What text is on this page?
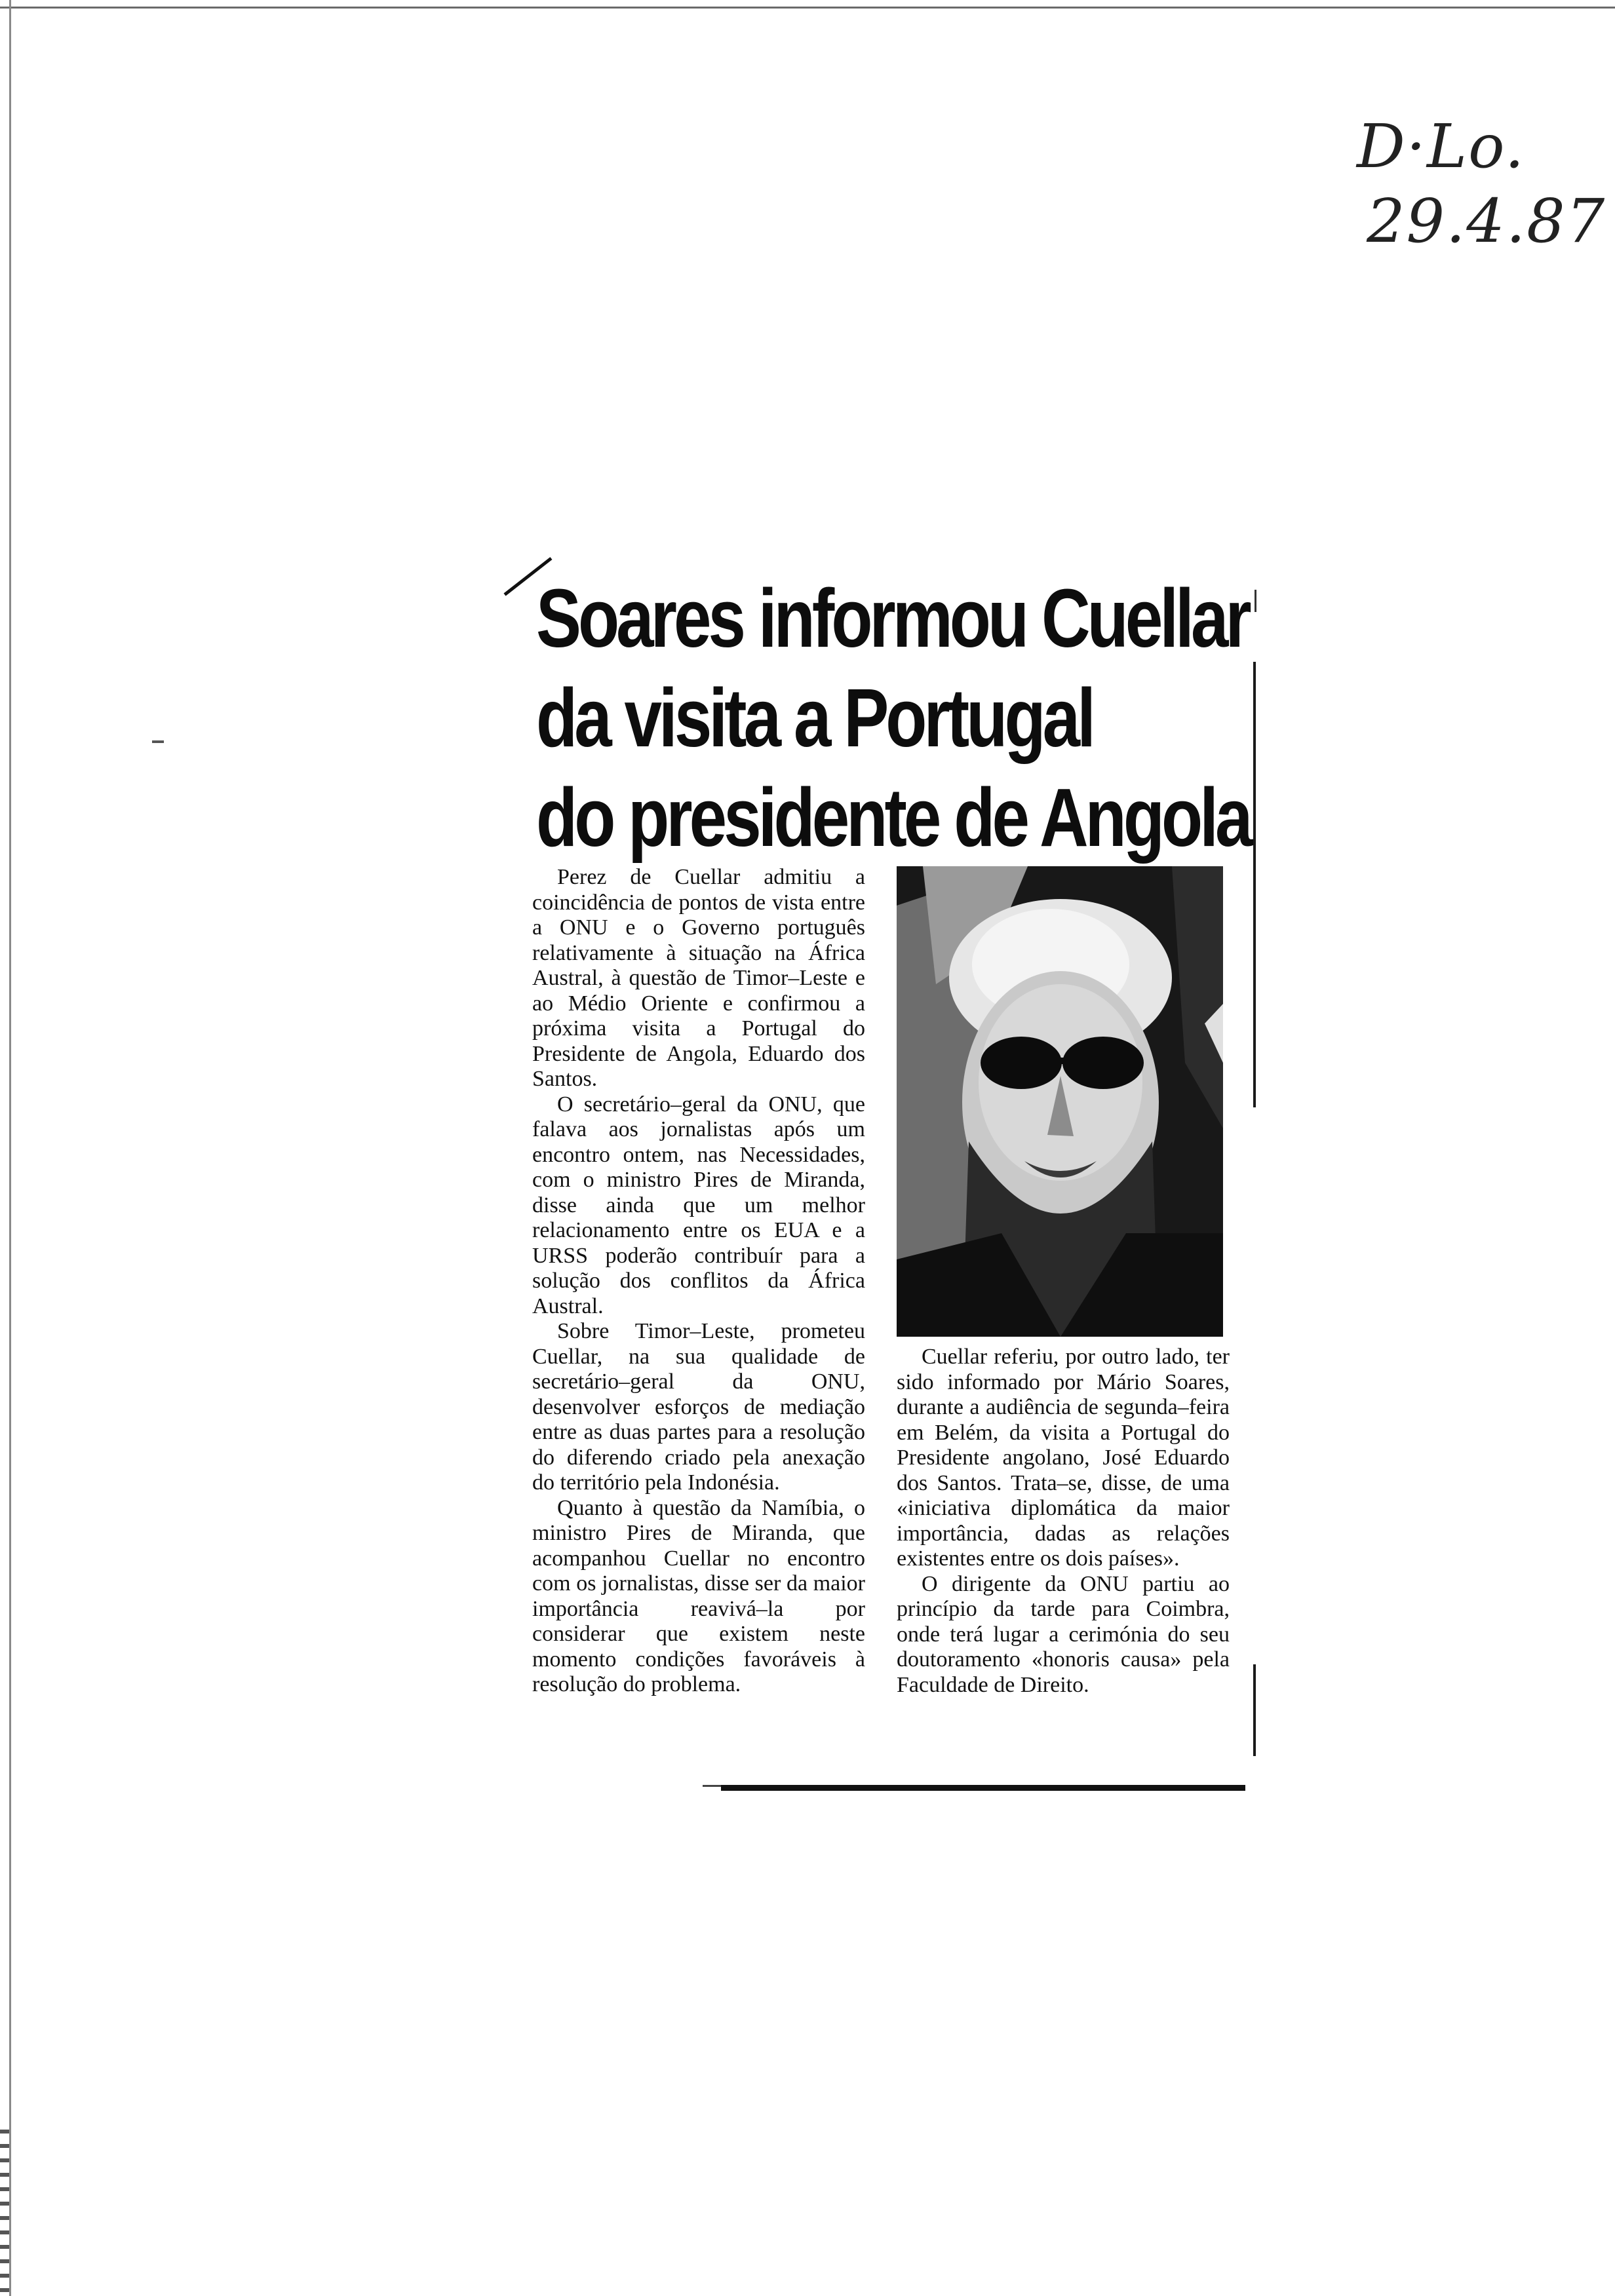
D·Lo.
29.4.87
Soares informou Cuellar
da visita a Portugal
do presidente de Angola

Perez de Cuellar admitiu a coincidência de pontos de vista entre a ONU e o Governo português relativamente à situação na África Austral, à questão de Timor–Leste e ao Médio Oriente e confirmou a próxima visita a Portugal do Presidente de Angola, Eduardo dos Santos.

O secretário–geral da ONU, que falava aos jornalistas após um encontro ontem, nas Necessidades, com o ministro Pires de Miranda, disse ainda que um melhor relacionamento entre os EUA e a URSS poderão contribuír para a solução dos conflitos da África Austral.

Sobre Timor–Leste, prometeu Cuellar, na sua qualidade de secretário–geral da ONU, desenvolver esforços de mediação entre as duas partes para a resolução do diferendo criado pela anexação do território pela Indonésia.

Quanto à questão da Namíbia, o ministro Pires de Miranda, que acompanhou Cuellar no encontro com os jornalistas, disse ser da maior importância reavivá–la por considerar que existem neste momento condições favoráveis à resolução do problema.

Cuellar referiu, por outro lado, ter sido informado por Mário Soares, durante a audiência de segunda–feira em Belém, da visita a Portugal do Presidente angolano, José Eduardo dos Santos. Trata–se, disse, de uma «iniciativa diplomática da maior importância, dadas as relações existentes entre os dois países».

O dirigente da ONU partiu ao princípio da tarde para Coimbra, onde terá lugar a cerimónia do seu doutoramento «honoris causa» pela Faculdade de Direito.
